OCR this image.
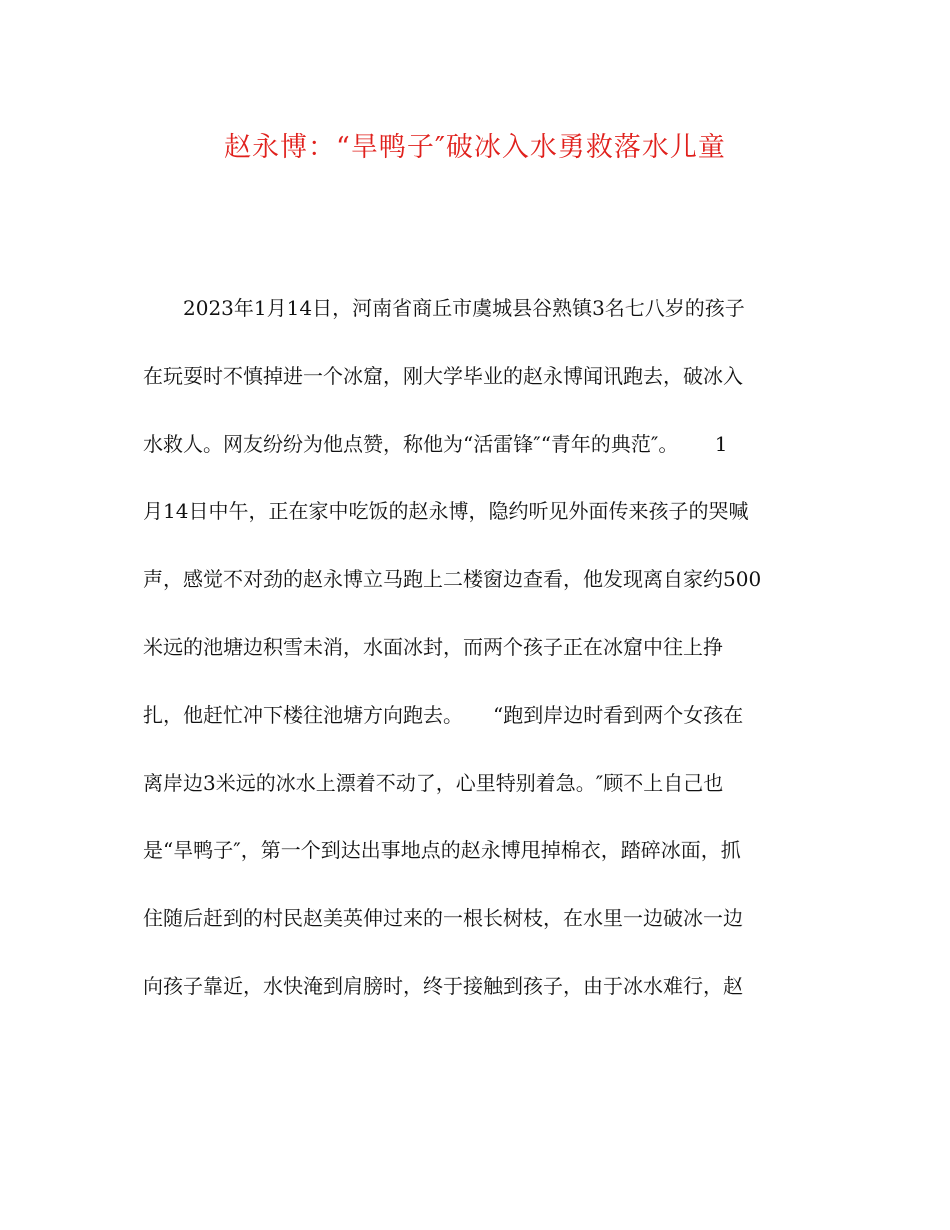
赵永博：“旱鸭子″破冰入水勇救落水儿童
　　2023年1月14日，河南省商丘市虞城县谷熟镇3名七八岁的孩子
在玩耍时不慎掉进一个冰窟，刚大学毕业的赵永博闻讯跑去，破冰入
水救人。网友纷纷为他点赞，称他为“活雷锋″“青年的典范″。　　 1
月14日中午，正在家中吃饭的赵永博，隐约听见外面传来孩子的哭喊
声，感觉不对劲的赵永博立马跑上二楼窗边查看，他发现离自家约500
米远的池塘边积雪未消，水面冰封，而两个孩子正在冰窟中往上挣
扎，他赶忙冲下楼往池塘方向跑去。　　“跑到岸边时看到两个女孩在
离岸边3米远的冰水上漂着不动了，心里特别着急。″顾不上自己也
是“旱鸭子″，第一个到达出事地点的赵永博甩掉棉衣，踏碎冰面，抓
住随后赶到的村民赵美英伸过来的一根长树枝，在水里一边破冰一边
向孩子靠近，水快淹到肩膀时，终于接触到孩子，由于冰水难行，赵
